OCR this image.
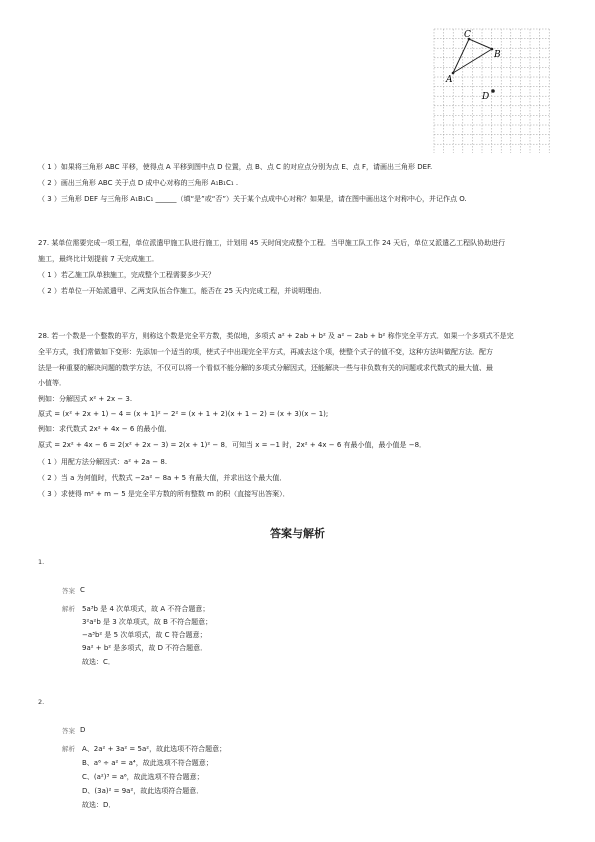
A
C
B
D
（ 1 ）如果将三角形 ABC 平移，使得点 A 平移到图中点 D 位置，点 B、点 C 的对应点分别为点 E、点 F，请画出三角形 DEF.
（ 2 ）画出三角形 ABC 关于点 D 成中心对称的三角形 A₁B₁C₁ .
（ 3 ）三角形 DEF 与三角形 A₁B₁C₁ ______（填“是”或“否”）关于某个点成中心对称？如果是，请在图中画出这个对称中心，并记作点 O.
27. 某单位需要完成一项工程，单位派遣甲施工队进行施工，计划用 45 天时间完成整个工程．当甲施工队工作 24 天后，单位又派遣乙工程队协助进行
施工，最终比计划提前 7 天完成施工．
（ 1 ）若乙施工队单独施工，完成整个工程需要多少天？
（ 2 ）若单位一开始派遣甲、乙两支队伍合作施工，能否在 25 天内完成工程，并说明理由．
28. 若一个数是一个整数的平方，则称这个数是完全平方数，类似地，多项式 a² + 2ab + b² 及 a² − 2ab + b² 称作完全平方式．如果一个多项式不是完
全平方式，我们常做如下变形：先添加一个适当的项，使式子中出现完全平方式，再减去这个项，使整个式子的值不变，这种方法叫做配方法．配方
法是一种重要的解决问题的数学方法，不仅可以将一个看似不能分解的多项式分解因式，还能解决一些与非负数有关的问题或求代数式的最大值、最
小值等．
例如：分解因式 x² + 2x − 3.
原式 = (x² + 2x + 1) − 4 = (x + 1)² − 2² = (x + 1 + 2)(x + 1 − 2) = (x + 3)(x − 1);
例如：求代数式 2x² + 4x − 6 的最小值．
原式 = 2x² + 4x − 6 = 2(x² + 2x − 3) = 2(x + 1)² − 8．可知当 x = −1 时，2x² + 4x − 6 有最小值，最小值是 −8．
（ 1 ）用配方法分解因式：a² + 2a − 8.
（ 2 ）当 a 为何值时，代数式 −2a² − 8a + 5 有最大值，并求出这个最大值．
（ 3 ）求使得 m² + m − 5 是完全平方数的所有整数 m 的积（直接写出答案）．
答案与解析
1.
答案 C
解析 5a³b 是 4 次单项式，故 A 不符合题意；
3²a²b 是 3 次单项式，故 B 不符合题意；
−a³b² 是 5 次单项式，故 C 符合题意；
9a² + b² 是多项式，故 D 不符合题意．
故选：C．
2.
答案 D
解析 A、2a² + 3a² = 5a²，故此选项不符合题意；
B、a⁶ ÷ a² = a⁴，故此选项不符合题意；
C、(a²)³ = a⁶，故此选项不符合题意；
D、(3a)² = 9a²，故此选项符合题意．
故选：D．
